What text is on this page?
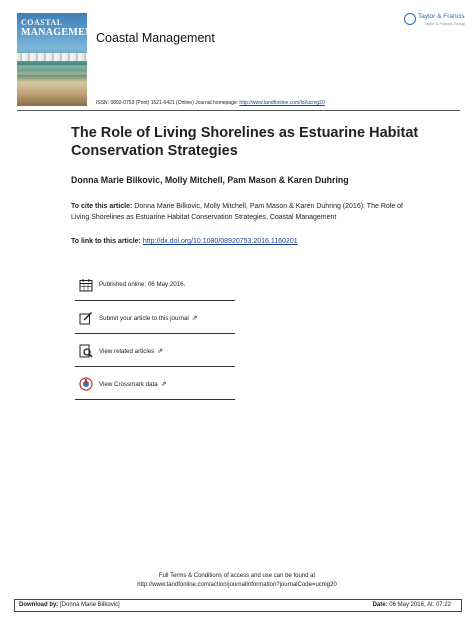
COASTAL
MANAGEMENT
Coastal Management
Taylor & Francis
Taylor & Francis Group
ISSN: 0892-0753 (Print) 1521-0421 (Online) Journal homepage: http://www.tandfonline.com/loi/ucmg20
The Role of Living Shorelines as Estuarine Habitat Conservation Strategies
Donna Marie Bilkovic, Molly Mitchell, Pam Mason & Karen Duhring
To cite this article: Donna Marie Bilkovic, Molly Mitchell, Pam Mason & Karen Duhring (2016): The Role of Living Shorelines as Estuarine Habitat Conservation Strategies, Coastal Management
To link to this article: http://dx.doi.org/10.1080/08920753.2016.1160201
Published online: 06 May 2016.
Submit your article to this journal ⇗
View related articles ⇗
View Crossmark data ⇗
Full Terms & Conditions of access and use can be found at
http://www.tandfonline.com/action/journalInformation?journalCode=ucmg20
Download by: [Donna Marie Bilkovic]	Date: 06 May 2016, At: 07:22
